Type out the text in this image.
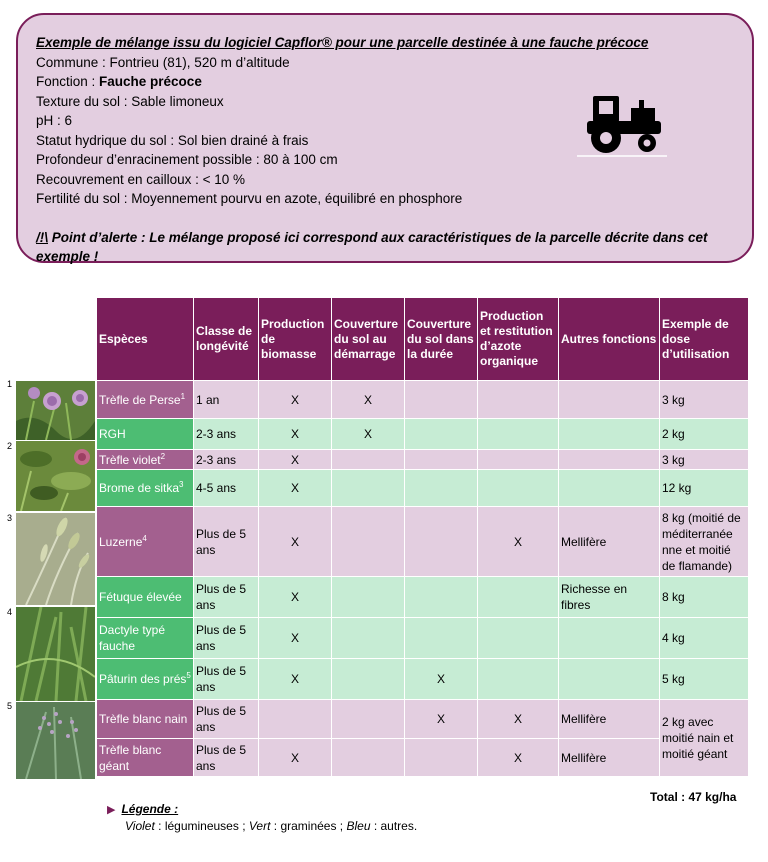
Exemple de mélange issu du logiciel Capflor® pour une parcelle destinée à une fauche précoce
Commune : Fontrieu (81), 520 m d’altitude
Fonction : Fauche précoce
Texture du sol : Sable limoneux
pH : 6
Statut hydrique du sol : Sol bien drainé à frais
Profondeur d’enracinement possible : 80 à 100 cm
Recouvrement en cailloux : < 10 %
Fertilité du sol : Moyennement pourvu en azote, équilibré en phosphore
/!\ Point d’alerte : Le mélange proposé ici correspond aux caractéristiques de la parcelle décrite dans cet exemple !
1
2
3
4
5
Espèces	Classe de longévité	Production de biomasse	Couverture du sol au démarrage	Couverture du sol dans la durée	Production et restitution d’azote organique	Autres fonctions	Exemple de dose d’utilisation
Trèfle de Perse$^1$	1 an	X	X				3 kg
RGH	2-3 ans	X	X				2 kg
Trèfle violet$^2$	2-3 ans	X					3 kg
Brome de sitka$^3$	4-5 ans	X					12 kg
Luzerne$^4$	Plus de 5 ans	X			X	Mellifère	8 kg (moitié de méditerranée nne et moitié de flamande)
Fétuque élevée	Plus de 5 ans	X				Richesse en fibres	8 kg
Dactyle typé fauche	Plus de 5 ans	X					4 kg
Pâturin des prés$^5$	Plus de 5 ans	X		X			5 kg
Trèfle blanc nain	Plus de 5 ans			X	X	Mellifère	2 kg avec moitié nain et moitié géant
Trèfle blanc géant	Plus de 5 ans	X			X	Mellifère	
Total : 47 kg/ha
▶ Légende :
Violet : légumineuses ; Vert : graminées ; Bleu : autres.
